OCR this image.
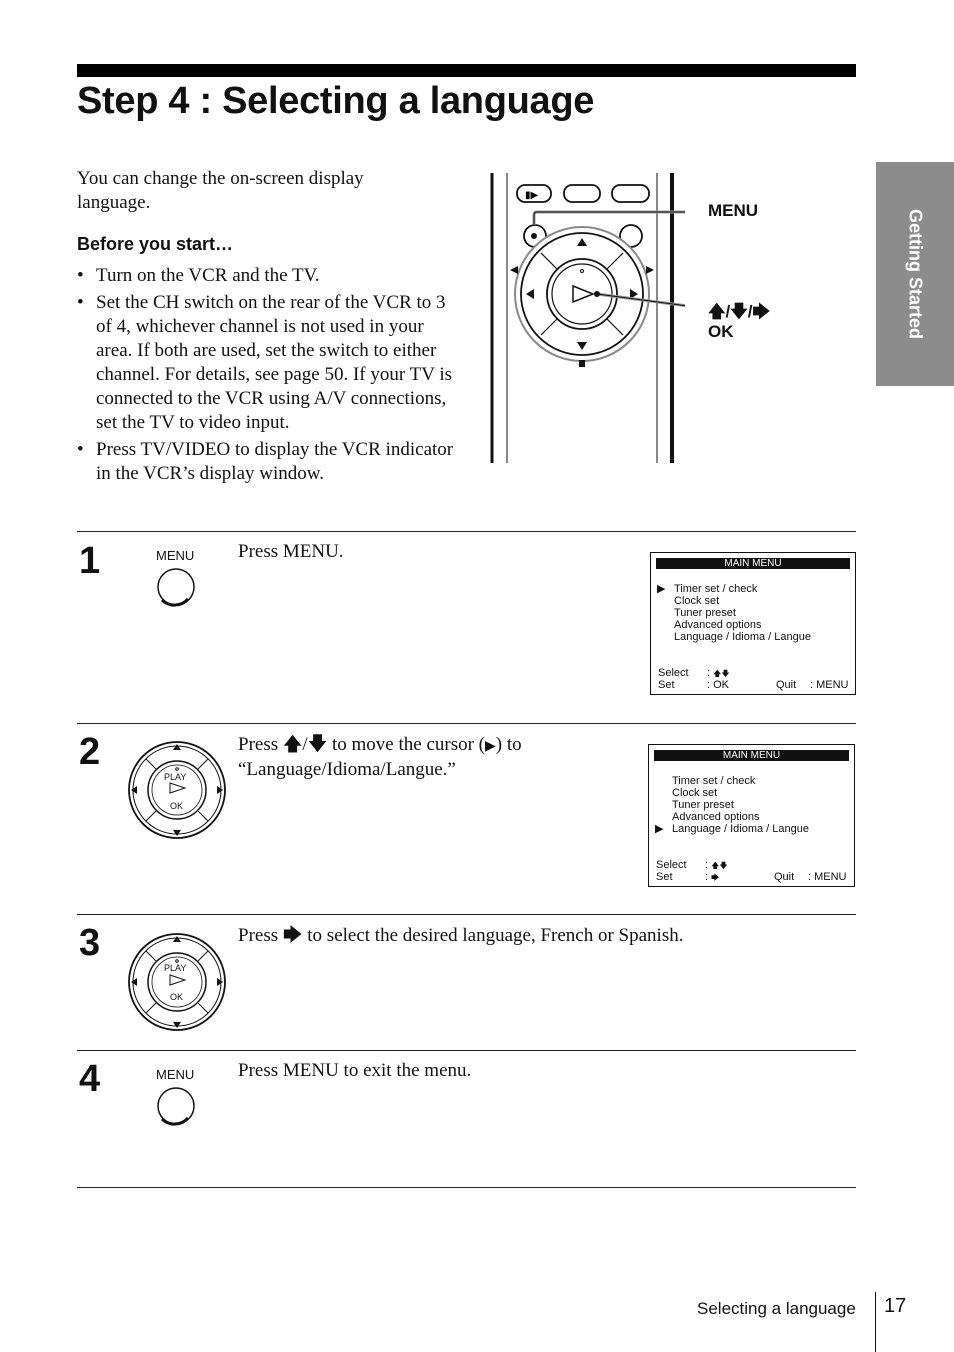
Step 4 : Selecting a language
Getting Started
You can change the on-screen display language.
Before you start…
• Turn on the VCR and the TV.
• Set the CH switch on the rear of the VCR to 3 of 4, whichever channel is not used in your area. If both are used, set the switch to either channel. For details, see page 50. If your TV is connected to the VCR using A/V connections, set the TV to video input.
• Press TV/VIDEO to display the VCR indicator in the VCR’s display window.
▮▶
MENU
🡅/🡇/🡆
OK
1	MENU Press MENU.
MAIN MENU
▶ Timer set / check
Clock set
Tuner preset
Advanced options
Language / Idioma / Langue
Select : 🡅🡇
Set	: OK	Quit : MENU
2
PLAY
OK
Press 🡅/🡇 to move the cursor (▶) to
“Language/Idioma/Langue.”
MAIN MENU
Timer set / check
Clock set
Tuner preset
Advanced options
▶ Language / Idioma / Langue
Select : 🡅🡇
Set	: 🡆	Quit : MENU
3
PLAY
OK
Press 🡆 to select the desired language, French or Spanish.
4	MENU Press MENU to exit the menu.
Selecting a language 17
